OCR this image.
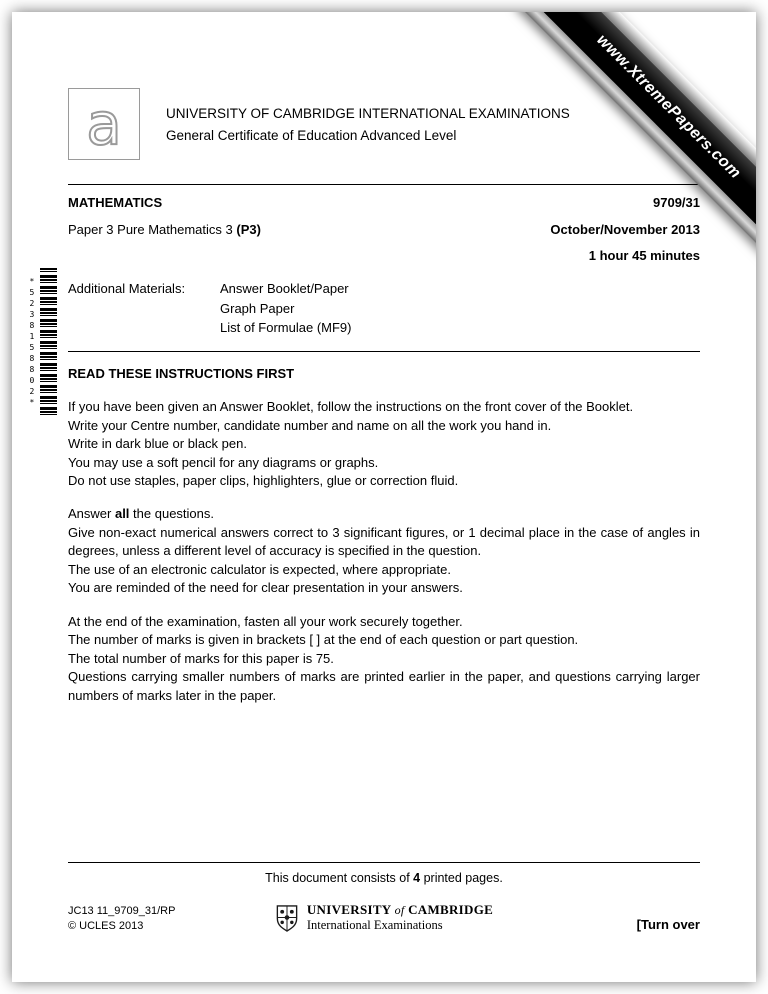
www.XtremePapers.com
*5238158802*
a	UNIVERSITY OF CAMBRIDGE INTERNATIONAL EXAMINATIONS
General Certificate of Education Advanced Level
MATHEMATICS	9709/31
Paper 3 Pure Mathematics 3 (P3)	October/November 2013
1 hour 45 minutes
Additional Materials:	Answer Booklet/Paper
Graph Paper
List of Formulae (MF9)
READ THESE INSTRUCTIONS FIRST
If you have been given an Answer Booklet, follow the instructions on the front cover of the Booklet.
Write your Centre number, candidate number and name on all the work you hand in.
Write in dark blue or black pen.
You may use a soft pencil for any diagrams or graphs.
Do not use staples, paper clips, highlighters, glue or correction fluid.
Answer all the questions.
Give non-exact numerical answers correct to 3 significant figures, or 1 decimal place in the case of angles in degrees, unless a different level of accuracy is specified in the question.
The use of an electronic calculator is expected, where appropriate.
You are reminded of the need for clear presentation in your answers.
At the end of the examination, fasten all your work securely together.
The number of marks is given in brackets [ ] at the end of each question or part question.
The total number of marks for this paper is 75.
Questions carrying smaller numbers of marks are printed earlier in the paper, and questions carrying larger numbers of marks later in the paper.
This document consists of 4 printed pages.
JC13 11_9709_31/RP
© UCLES 2013
UNIVERSITY of CAMBRIDGE
International Examinations	[Turn over
